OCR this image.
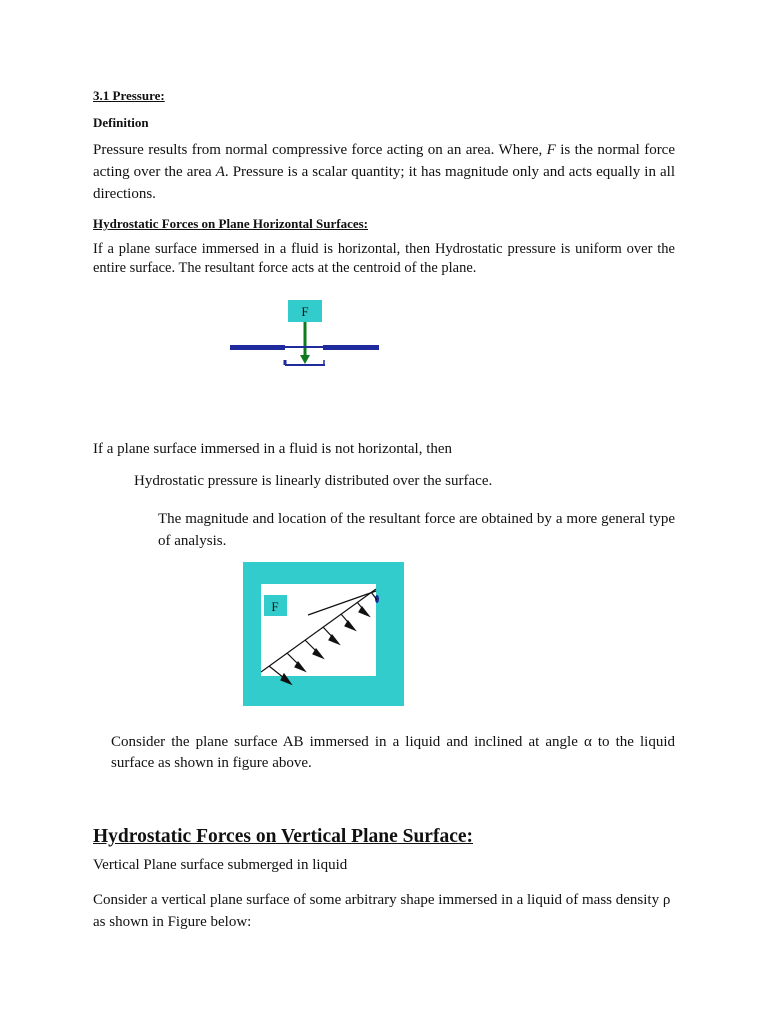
3.1 Pressure:
Definition

Pressure results from normal compressive force acting on an area. Where, F is the normal force acting over the area A. Pressure is a scalar quantity; it has magnitude only and acts equally in all directions.

Hydrostatic Forces on Plane Horizontal Surfaces:

If a plane surface immersed in a fluid is horizontal, then Hydrostatic pressure is uniform over the entire surface. The resultant force acts at the centroid of the plane.

F

If a plane surface immersed in a fluid is not horizontal, then

Hydrostatic pressure is linearly distributed over the surface.

The magnitude and location of the resultant force are obtained by a more general type of analysis.

F

Consider the plane surface AB immersed in a liquid and inclined at angle α to the liquid surface as shown in figure above.

Hydrostatic Forces on Vertical Plane Surface:

Vertical Plane surface submerged in liquid

Consider a vertical plane surface of some arbitrary shape immersed in a liquid of mass density ρ as shown in Figure below:
